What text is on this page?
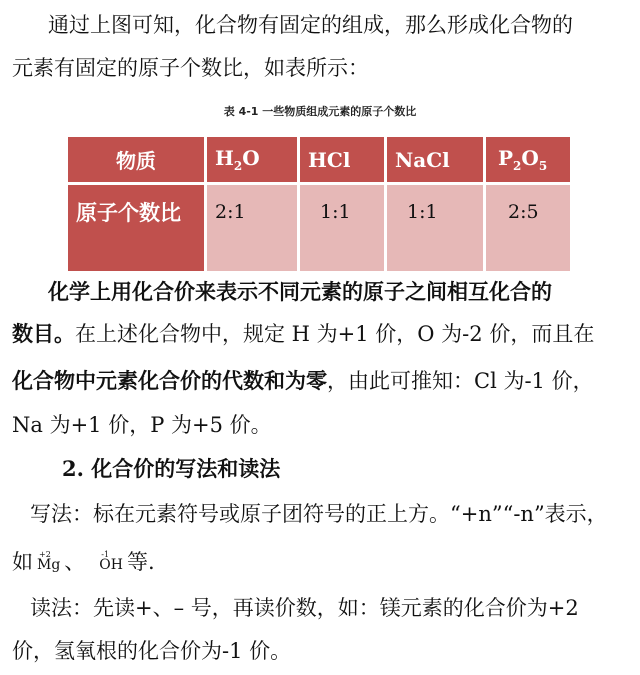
通过上图可知，化合物有固定的组成，那么形成化合物的
元素有固定的原子个数比，如表所示：
表 4-1 一些物质组成元素的原子个数比
物质	$H_2O$	HCl	NaCl	$P_2O_5$
原子个数比	2:1	1:1	1:1	2:5
化学上用化合价来表示不同元素的原子之间相互化合的
数目。在上述化合物中，规定 H 为+1 价，O 为-2 价，而且在
化合物中元素化合价的代数和为零，由此可推知：Cl 为-1 价，
Na 为+1 价，P 为+5 价。
2. 化合价的写法和读法
写法：标在元素符号或原子团符号的正上方。“+n”“-n”表示，
如 +2
Mg 、 -1
OH 等.
读法：先读+、– 号，再读价数，如：镁元素的化合价为+2
价，氢氧根的化合价为-1 价。
